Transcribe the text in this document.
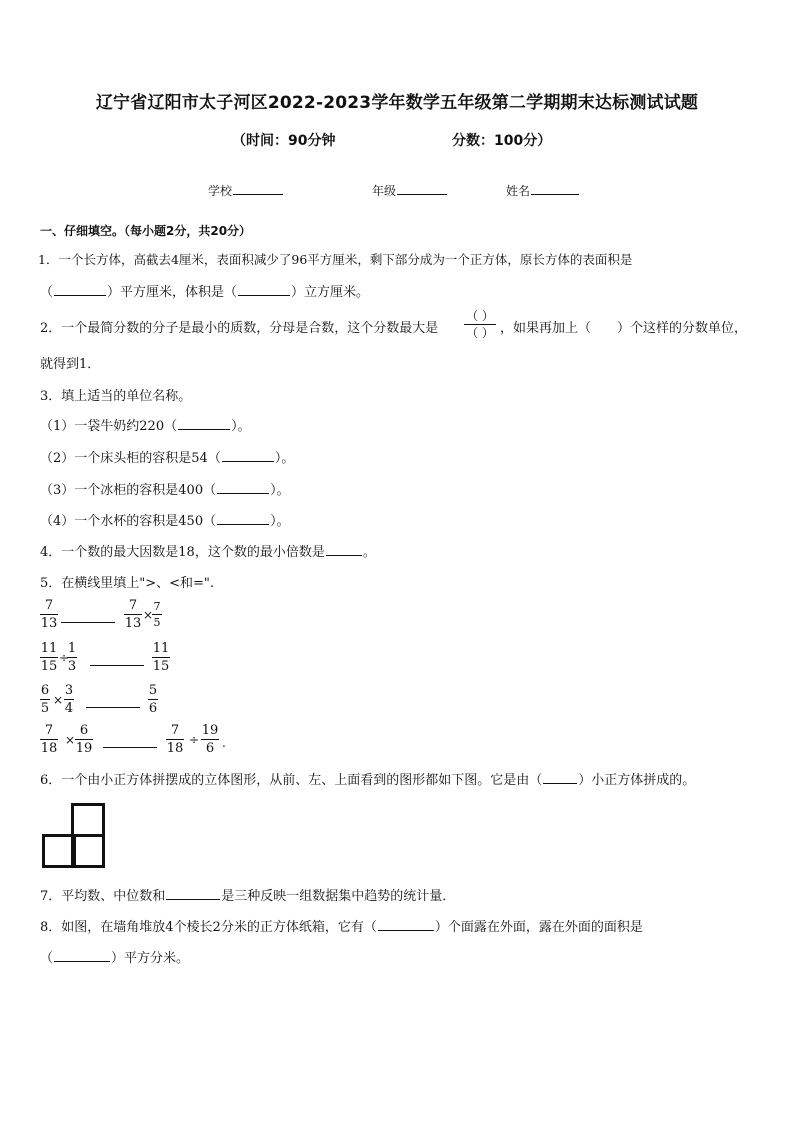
辽宁省辽阳市太子河区2022-2023学年数学五年级第二学期期末达标测试试题
（时间：90分钟	分数：100分）
学校	年级	姓名
一、仔细填空。（每小题2分，共20分）
1．一个长方体，高截去4厘米，表面积减少了96平方厘米，剩下部分成为一个正方体，原长方体的表面积是
（	）平方厘米，体积是（	）立方厘米。
2．一个最简分数的分子是最小的质数，分母是合数，这个分数最大是
（ ）
（ ） ，如果再加上（　　）个这样的分数单位，
就得到1．
3．填上适当的单位名称。
（1）一袋牛奶约220（	）。
（2）一个床头柜的容积是54（	）。
（3）一个冰柜的容积是400（	）。
（4）一个水杯的容积是450（	）。
4．一个数的最大因数是18，这个数的最小倍数是	。
5．在横线里填上">、<和=".
7
13
7
13
×
7
5
11
15
÷
1
3
11
15
6
5
×
3
4
5
6
7
18
×
6
19
7
18
÷
19
6 .
6．一个由小正方体拼摆成的立体图形，从前、左、上面看到的图形都如下图。它是由（	）小正方体拼成的。
7．平均数、中位数和	是三种反映一组数据集中趋势的统计量．
8．如图，在墙角堆放4个棱长2分米的正方体纸箱，它有（	）个面露在外面，露在外面的面积是
（	）平方分米。
